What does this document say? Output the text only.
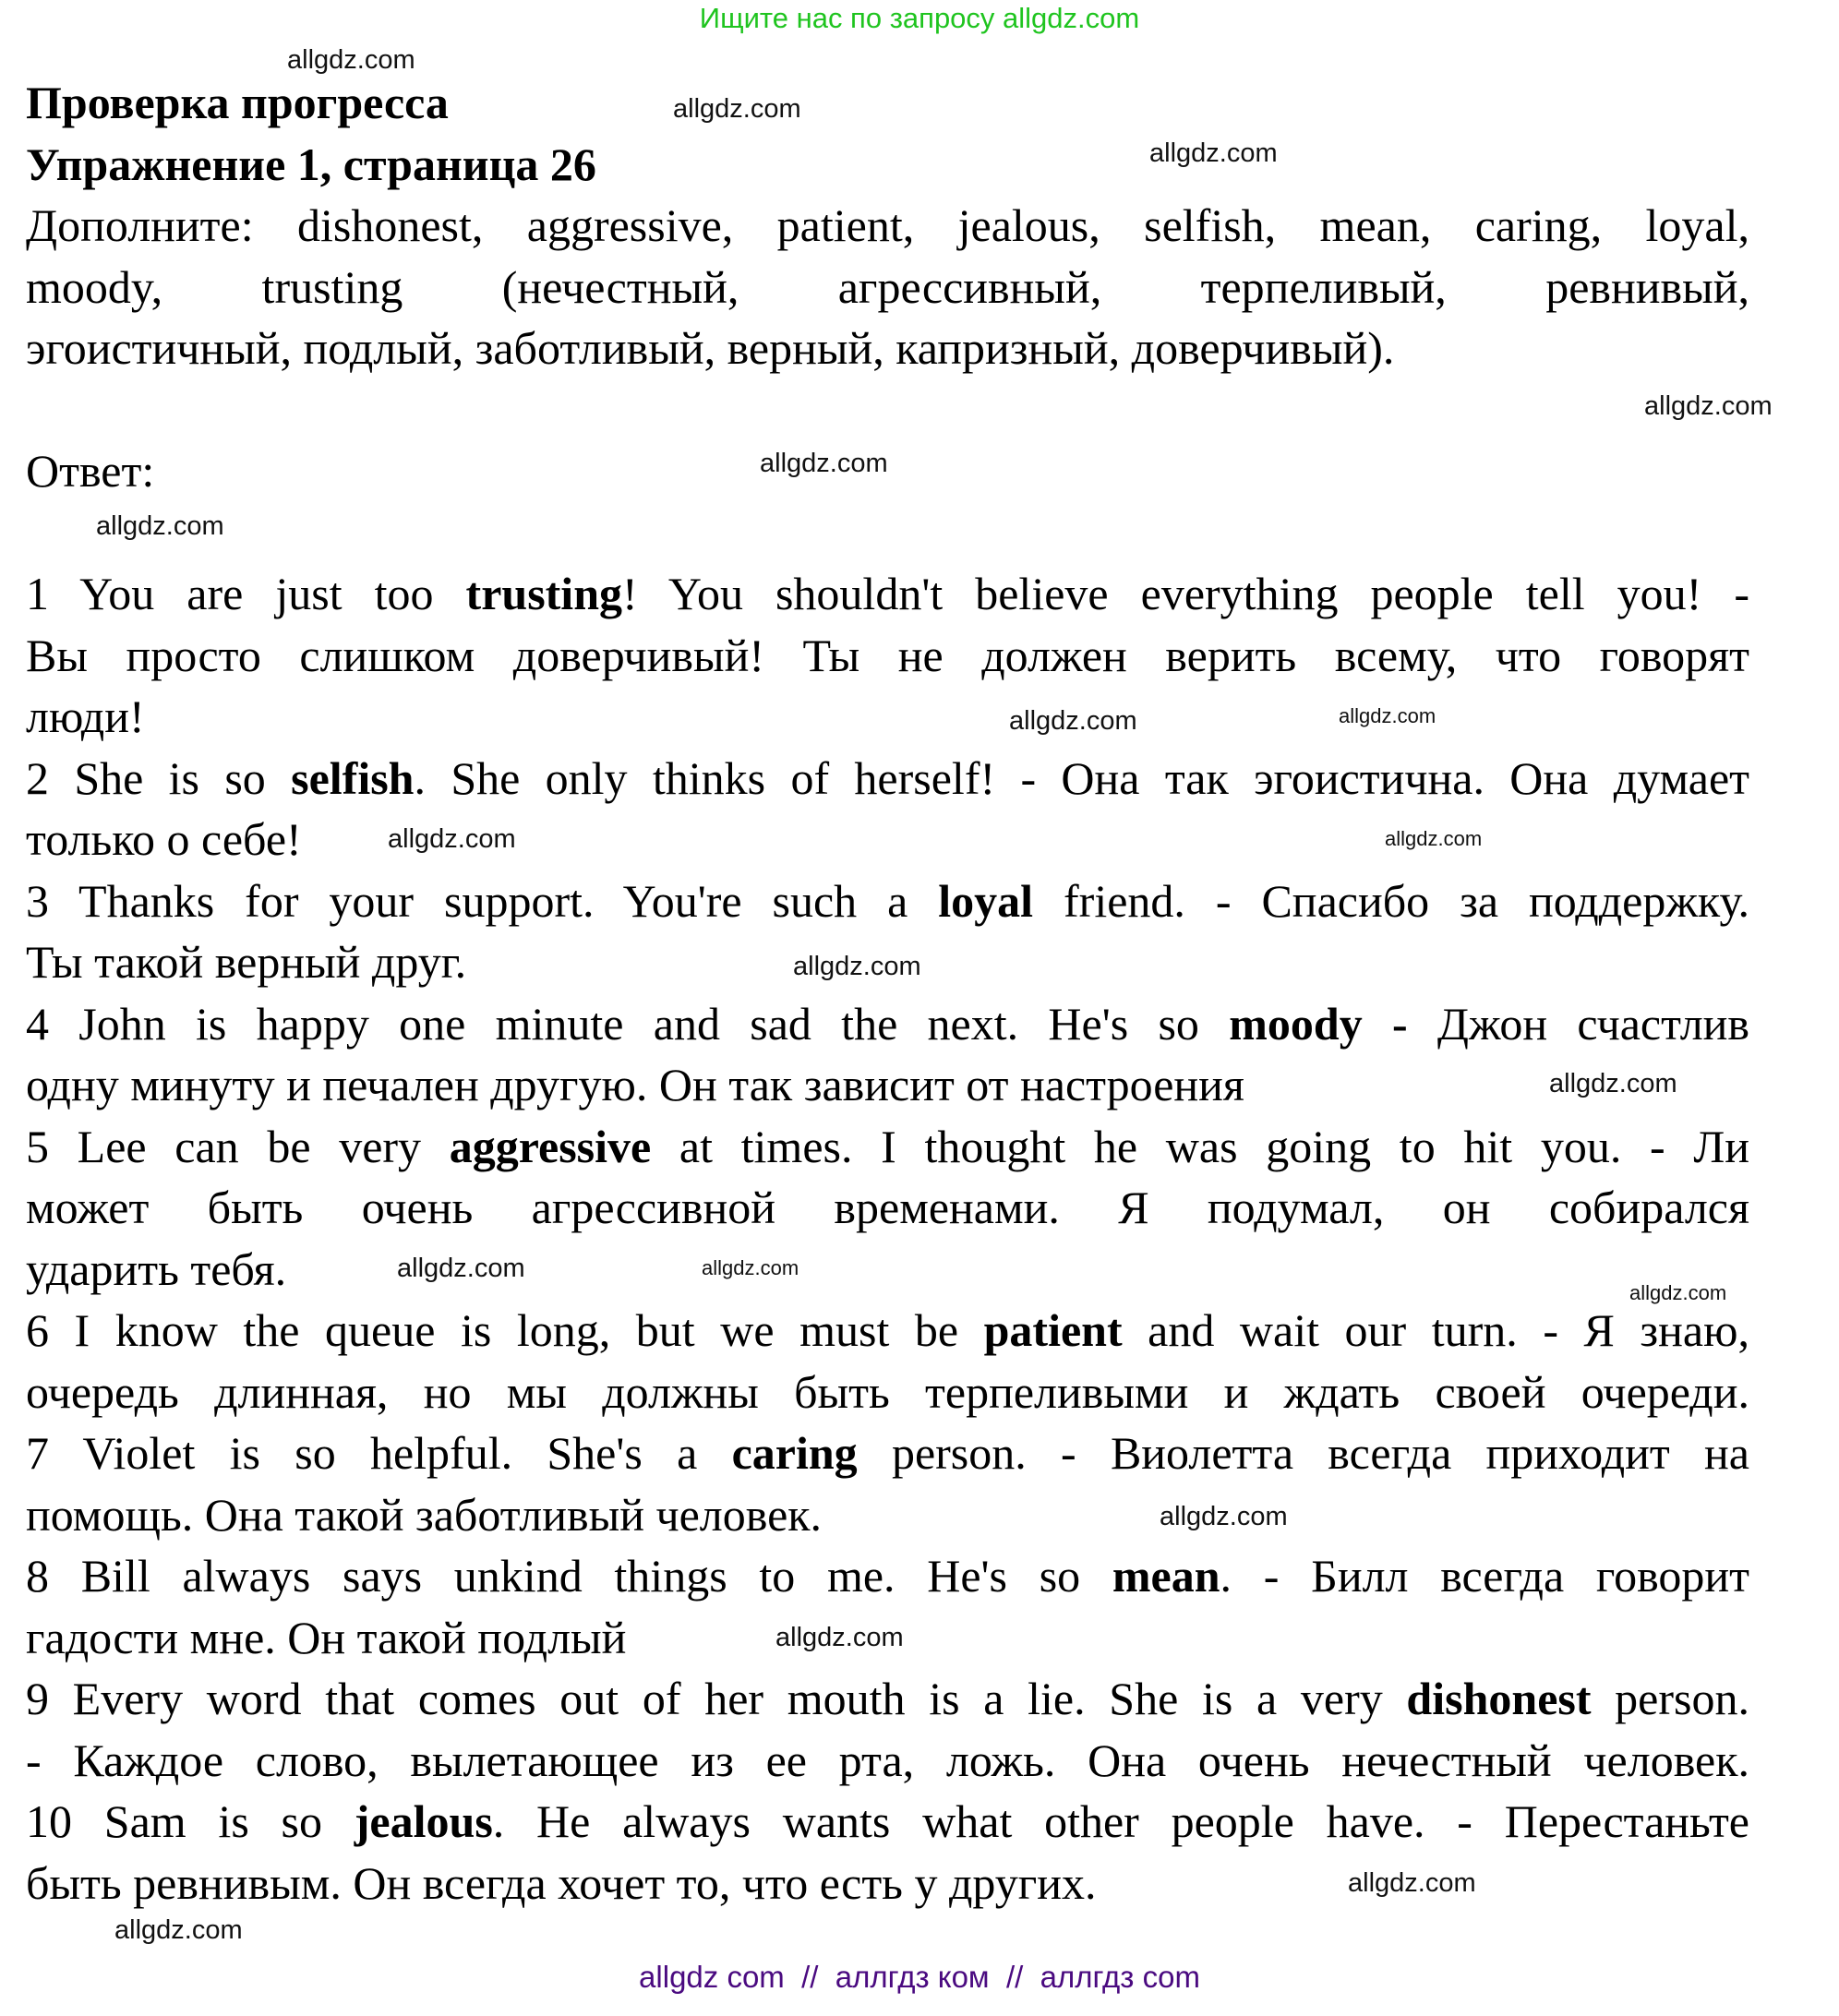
Ищите нас по запросу allgdz.com
Проверка прогресса
Упражнение 1, страница 26
Дополните: dishonest, aggressive, patient, jealous, selfish, mean, caring, loyal,
moody, trusting (нечестный, агрессивный, терпеливый, ревнивый,
эгоистичный, подлый, заботливый, верный, капризный, доверчивый).
Ответ:
1 You are just too trusting! You shouldn't believe everything people tell you! -
Вы просто слишком доверчивый! Ты не должен верить всему, что говорят
люди!
2 She is so selfish. She only thinks of herself! - Она так эгоистична. Она думает
только о себе!
3 Thanks for your support. You're such a loyal friend. - Спасибо за поддержку.
Ты такой верный друг.
4 John is happy one minute and sad the next. He's so moody - Джон счастлив
одну минуту и печален другую. Он так зависит от настроения
5 Lee can be very aggressive at times. I thought he was going to hit you. - Ли
может быть очень агрессивной временами. Я подумал, он собирался
ударить тебя.
6 I know the queue is long, but we must be patient and wait our turn. - Я знаю,
очередь длинная, но мы должны быть терпеливыми и ждать своей очереди.
7 Violet is so helpful. She's a caring person. - Виолетта всегда приходит на
помощь. Она такой заботливый человек.
8 Bill always says unkind things to me. He's so mean. - Билл всегда говорит
гадости мне. Он такой подлый
9 Every word that comes out of her mouth is a lie. She is a very dishonest person.
- Каждое слово, вылетающее из ее рта, ложь. Она очень нечестный человек.
10 Sam is so jealous. He always wants what other people have. - Перестаньте
быть ревнивым. Он всегда хочет то, что есть у других.
allgdz.com
allgdz.com
allgdz.com
allgdz.com
allgdz.com
allgdz.com
allgdz.com	allgdz.com
allgdz.com	allgdz.com
allgdz.com
allgdz.com
allgdz.com
allgdz.com
allgdz.com
allgdz.com
allgdz.com
allgdz.com
allgdz.com
allgdz com  //  аллгдз ком  //  аллгдз com
